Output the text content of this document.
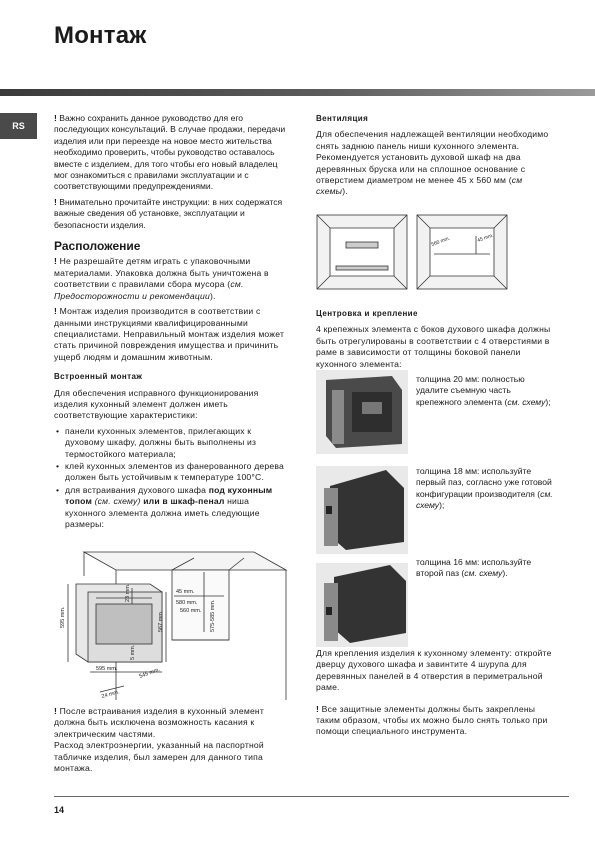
Монтаж
RS

! Важно сохранить данное руководство для его последующих консультаций. В случае продажи, передачи изделия или при переезде на новое место жительства необходимо проверить, чтобы руководство оставалось вместе с изделием, для того чтобы его новый владелец мог ознакомиться с правилами эксплуатации и с соответствующими предупреждениями.

! Внимательно прочитайте инструкции: в них содержатся важные сведения об установке, эксплуатации и безопасности изделия.

Расположение

! Не разрешайте детям играть с упаковочными материалами. Упаковка должна быть уничтожена в соответствии с правилами сбора мусора (см. Предосторожности и рекомендации).

! Монтаж изделия производится в соответствии с данными инструкциями квалифицированными специалистами. Неправильный монтаж изделия может стать причиной повреждения имущества и причинить ущерб людям и домашним животным.

Встроенный монтаж

Для обеспечения исправного функционирования изделия кухонный элемент должен иметь соответствующие характеристики:

• панели кухонных элементов, прилегающих к духовому шкафу, должны быть выполнены из термостойкого материала;
• клей кухонных элементов из фанерованного дерева должен быть устойчивым к температуре 100°С.
• для встраивания духового шкафа под кухонным топом (см. схему) или в шкаф-пенал ниша кухонного элемента должна иметь следующие размеры:
595 mm.
23 mm.
567 mm.
5 mm.
545 mm.
595 mm.
24 mm.
45 mm.
560 mm. 575-585 mm.
580 mm.

! После встраивания изделия в кухонный элемент должна быть исключена возможность касания к электрическим частями.

Расход электроэнергии, указанный на паспортной табличке изделия, был замерен для данного типа монтажа.

Вентиляция

Для обеспечения надлежащей вентиляции необходимо снять заднюю панель ниши кухонного элемента. Рекомендуется установить духовой шкаф на два деревянных бруска или на сплошное основание с отверстием диаметром не менее 45 х 560 мм (см схемы).

560 mm.	45 mm.
Центровка и крепление

4 крепежных элемента с боков духового шкафа должны быть отрегулированы в соответствии с 4 отверстиями в раме в зависимости от толщины боковой панели кухонного элемента:

толщина 20 мм: полностью удалите съемную часть крепежного элемента (см. схему);
толщина 18 мм: используйте первый паз, согласно уже готовой конфигурации производителя (см. схему);
толщина 16 мм: используйте второй паз (см. схему).

Для крепления изделия к кухонному элементу: откройте дверцу духового шкафа и завинтите 4 шурупа для деревянных панелей в 4 отверстия в периметральной раме.

! Все защитные элементы должны быть закреплены таким образом, чтобы их можно было снять только при помощи специального инструмента.

14
